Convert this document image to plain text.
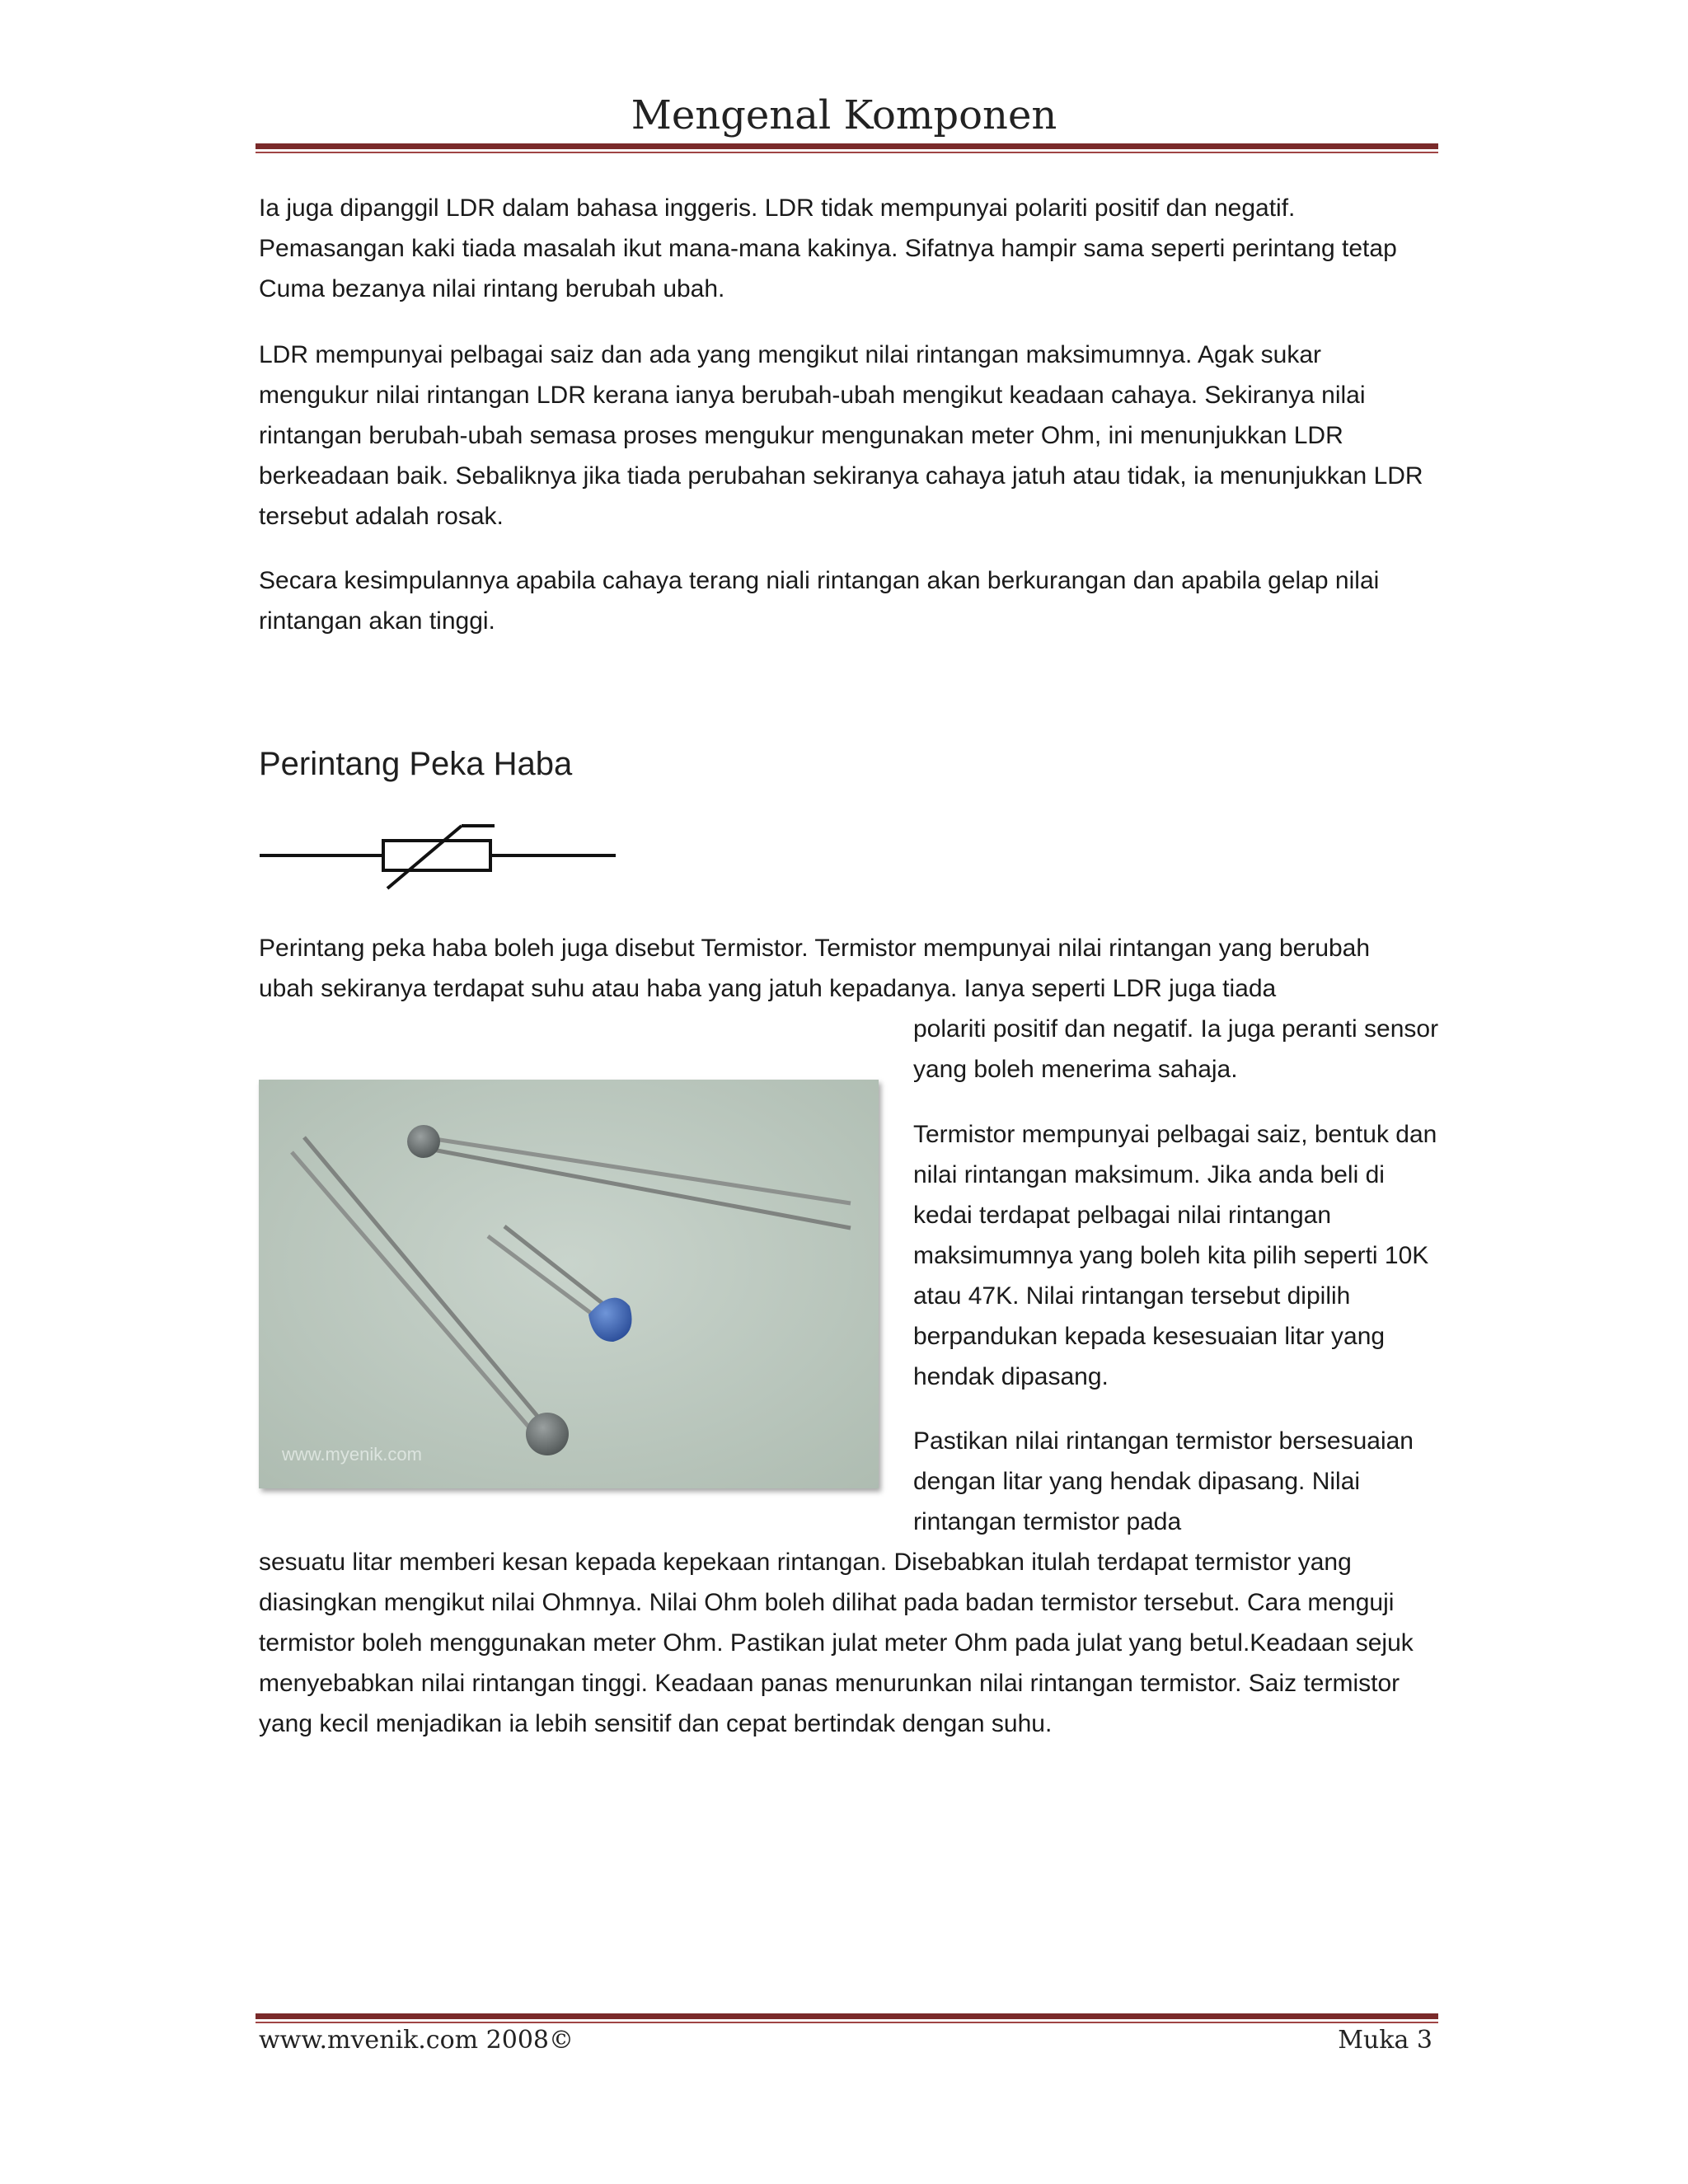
Mengenal Komponen

Ia juga dipanggil LDR dalam bahasa inggeris. LDR tidak mempunyai polariti positif dan negatif. Pemasangan kaki tiada masalah ikut mana-mana kakinya. Sifatnya hampir sama seperti perintang tetap Cuma bezanya nilai rintang berubah ubah.

LDR mempunyai pelbagai saiz dan ada yang mengikut nilai rintangan maksimumnya. Agak sukar mengukur nilai rintangan LDR kerana ianya berubah-ubah mengikut keadaan cahaya. Sekiranya nilai rintangan berubah-ubah semasa proses mengukur mengunakan meter Ohm, ini menunjukkan LDR berkeadaan baik. Sebaliknya jika tiada perubahan sekiranya cahaya jatuh atau tidak, ia menunjukkan LDR tersebut adalah rosak.

Secara kesimpulannya apabila cahaya terang niali rintangan akan berkurangan dan apabila gelap nilai rintangan akan tinggi.

Perintang Peka Haba

Perintang peka haba boleh juga disebut Termistor. Termistor mempunyai nilai rintangan yang berubah ubah sekiranya terdapat suhu atau haba yang jatuh kepadanya. Ianya seperti LDR juga tiada

polariti positif dan negatif. Ia juga peranti sensor yang boleh menerima sahaja.

Termistor mempunyai pelbagai saiz, bentuk dan nilai rintangan maksimum. Jika anda beli di kedai terdapat pelbagai nilai rintangan maksimumnya yang boleh kita pilih seperti 10K atau 47K. Nilai rintangan tersebut dipilih berpandukan kepada kesesuaian litar yang hendak dipasang.

Pastikan nilai rintangan termistor bersesuaian dengan litar yang hendak dipasang. Nilai rintangan termistor pada

www.myenik.com

sesuatu litar memberi kesan kepada kepekaan rintangan. Disebabkan itulah terdapat termistor yang diasingkan mengikut nilai Ohmnya. Nilai Ohm boleh dilihat pada badan termistor tersebut. Cara menguji termistor boleh menggunakan meter Ohm. Pastikan julat meter Ohm pada julat yang betul.Keadaan sejuk menyebabkan nilai rintangan tinggi. Keadaan panas menurunkan nilai rintangan termistor. Saiz termistor yang kecil menjadikan ia lebih sensitif dan cepat bertindak dengan suhu.

www.mvenik.com 2008©	Muka 3
